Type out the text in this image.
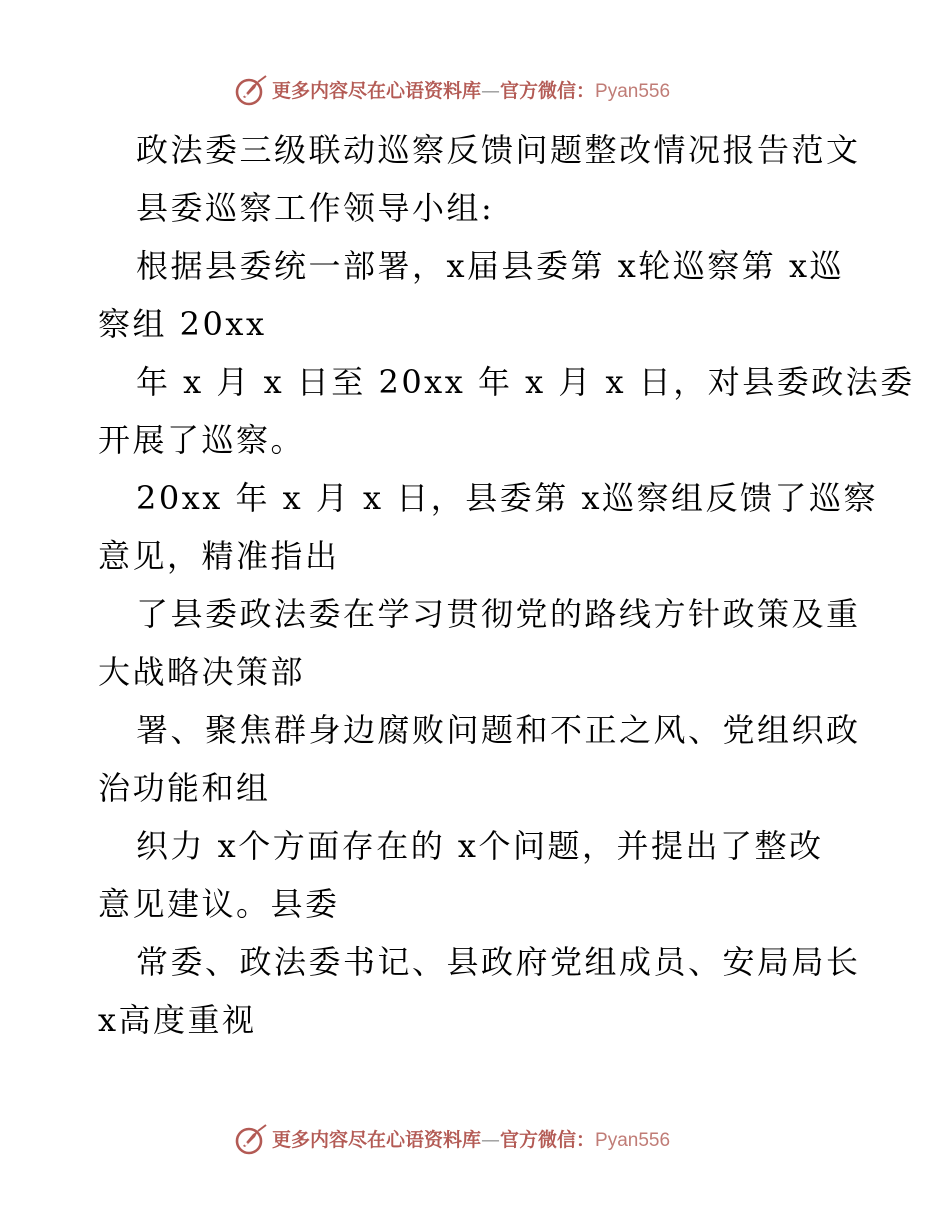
更多内容尽在心语资料库—官方微信：Pyan556

政法委三级联动巡察反馈问题整改情况报告范文

县委巡察工作领导小组:

根据县委统一部署，x届县委第 x轮巡察第 x巡

察组 20xx

年 x 月 x 日至 20xx 年 x 月 x 日，对县委政法委

开展了巡察。

20xx 年 x 月 x 日，县委第 x巡察组反馈了巡察

意见，精准指出

了县委政法委在学习贯彻党的路线方针政策及重

大战略决策部

署、聚焦群身边腐败问题和不正之风、党组织政

治功能和组

织力 x个方面存在的 x个问题，并提出了整改

意见建议。县委

常委、政法委书记、县政府党组成员、安局局长

x高度重视

更多内容尽在心语资料库—官方微信：Pyan556
